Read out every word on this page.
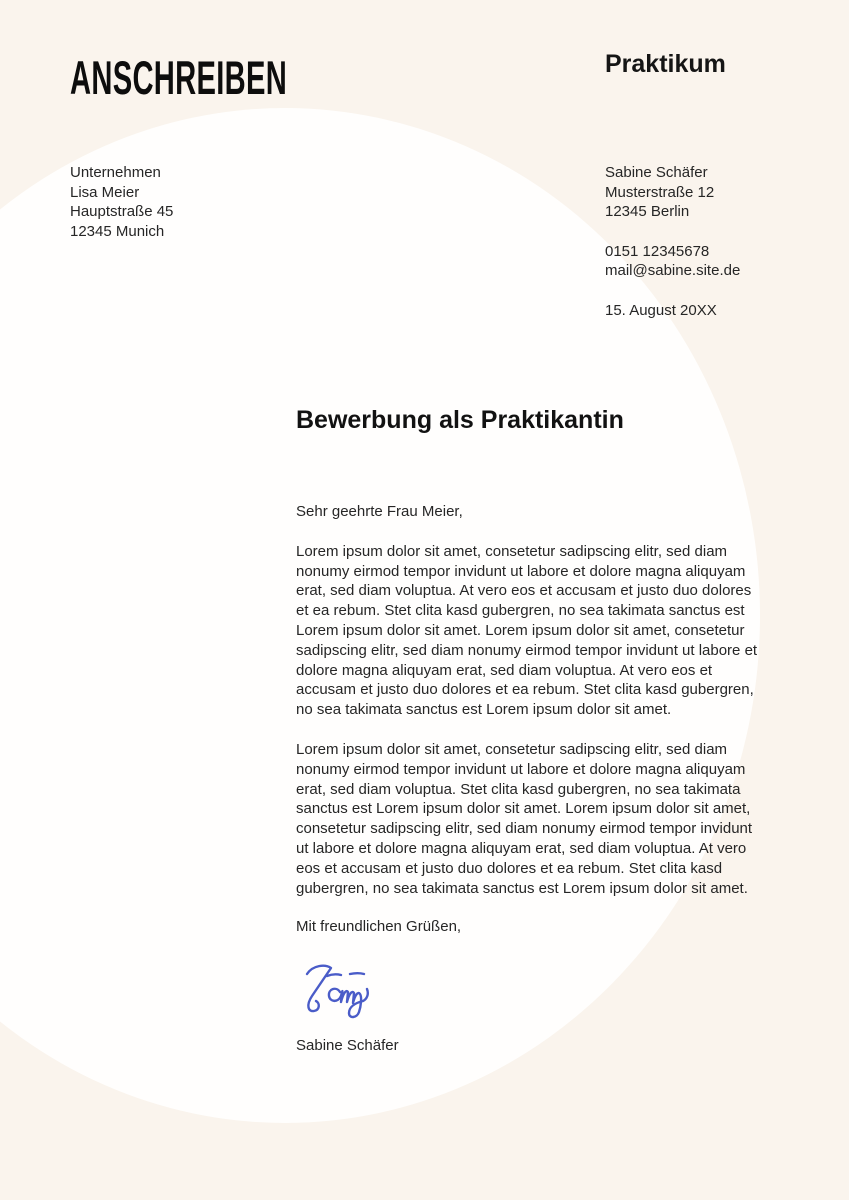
ANSCHREIBEN	Praktikum
Unternehmen
Lisa Meier
Hauptstraße 45
12345 Munich
Sabine Schäfer
Musterstraße 12
12345 Berlin
0151 12345678
mail@sabine.site.de
15. August 20XX
Bewerbung als Praktikantin
Sehr geehrte Frau Meier,
Lorem ipsum dolor sit amet, consetetur sadipscing elitr, sed diam nonumy eirmod tempor invidunt ut labore et dolore magna aliquyam erat, sed diam voluptua. At vero eos et accusam et justo duo dolores et ea rebum. Stet clita kasd gubergren, no sea takimata sanctus est Lorem ipsum dolor sit amet. Lorem ipsum dolor sit amet, consetetur sadipscing elitr, sed diam nonumy eirmod tempor invidunt ut labore et dolore magna aliquyam erat, sed diam voluptua. At vero eos et accusam et justo duo dolores et ea rebum. Stet clita kasd gubergren, no sea takimata sanctus est Lorem ipsum dolor sit amet.
Lorem ipsum dolor sit amet, consetetur sadipscing elitr, sed diam nonumy eirmod tempor invidunt ut labore et dolore magna aliquyam erat, sed diam voluptua. Stet clita kasd gubergren, no sea takimata sanctus est Lorem ipsum dolor sit amet. Lorem ipsum dolor sit amet, consetetur sadipscing elitr, sed diam nonumy eirmod tempor invidunt ut labore et dolore magna aliquyam erat, sed diam voluptua. At vero eos et accusam et justo duo dolores et ea rebum. Stet clita kasd gubergren, no sea takimata sanctus est Lorem ipsum dolor sit amet.
Mit freundlichen Grüßen,
Sabine Schäfer
